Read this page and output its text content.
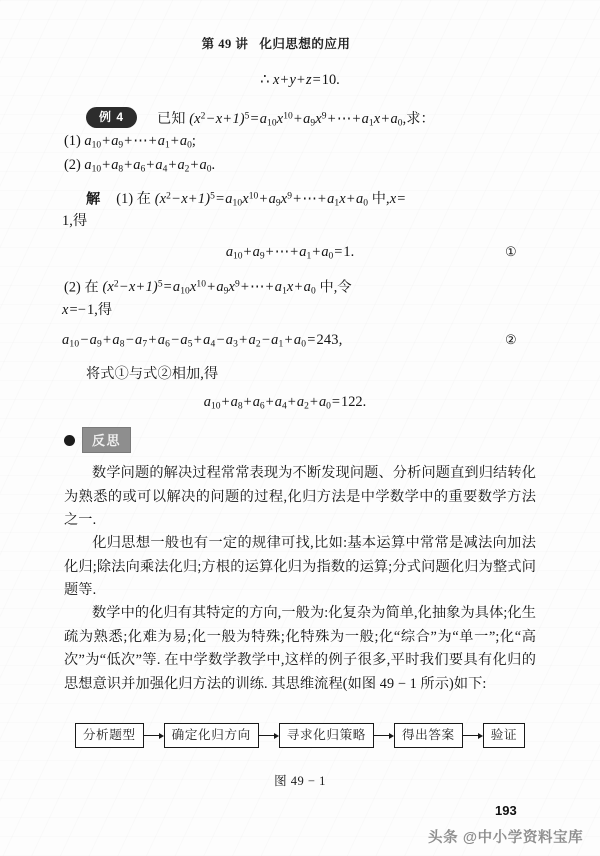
第 49 讲 化归思想的应用
∴ x+y+z=10.
例 4 已知 $(x^2-x+1)^5=a_{10}x^{10}+a_9x^9+\cdots+a_1x+a_0$,求：
(1) $a_{10}+a_9+\cdots+a_1+a_0$;
(2) $a_{10}+a_8+a_6+a_4+a_2+a_0$.
解 (1) 在 $(x^2-x+1)^5=a_{10}x^{10}+a_9x^9+\cdots+a_1x+a_0$ 中,x=
1,得
$a_{10}+a_9+\cdots+a_1+a_0=1$.	①
(2) 在 $(x^2-x+1)^5=a_{10}x^{10}+a_9x^9+\cdots+a_1x+a_0$ 中,令
x=−1,得
$a_{10}-a_9+a_8-a_7+a_6-a_5+a_4-a_3+a_2-a_1+a_0=243$,	②
将式①与式②相加,得
$a_{10}+a_8+a_6+a_4+a_2+a_0=122$.
反思
数学问题的解决过程常常表现为不断发现问题、分析问题直到归结转化为熟悉的或可以解决的问题的过程,化归方法是中学数学中的重要数学方法之一.
化归思想一般也有一定的规律可找,比如:基本运算中常常是减法向加法化归;除法向乘法化归;方根的运算化归为指数的运算;分式问题化归为整式问题等.
数学中的化归有其特定的方向,一般为:化复杂为简单,化抽象为具体;化生疏为熟悉;化难为易;化一般为特殊;化特殊为一般;化“综合”为“单一”;化“高次”为“低次”等. 在中学数学教学中,这样的例子很多,平时我们要具有化归的思想意识并加强化归方法的训练. 其思维流程(如图 49 − 1 所示)如下:
分析题型	确定化归方向	寻求化归策略	得出答案	验证
图 49 − 1
193
头条 @中小学资料宝库
